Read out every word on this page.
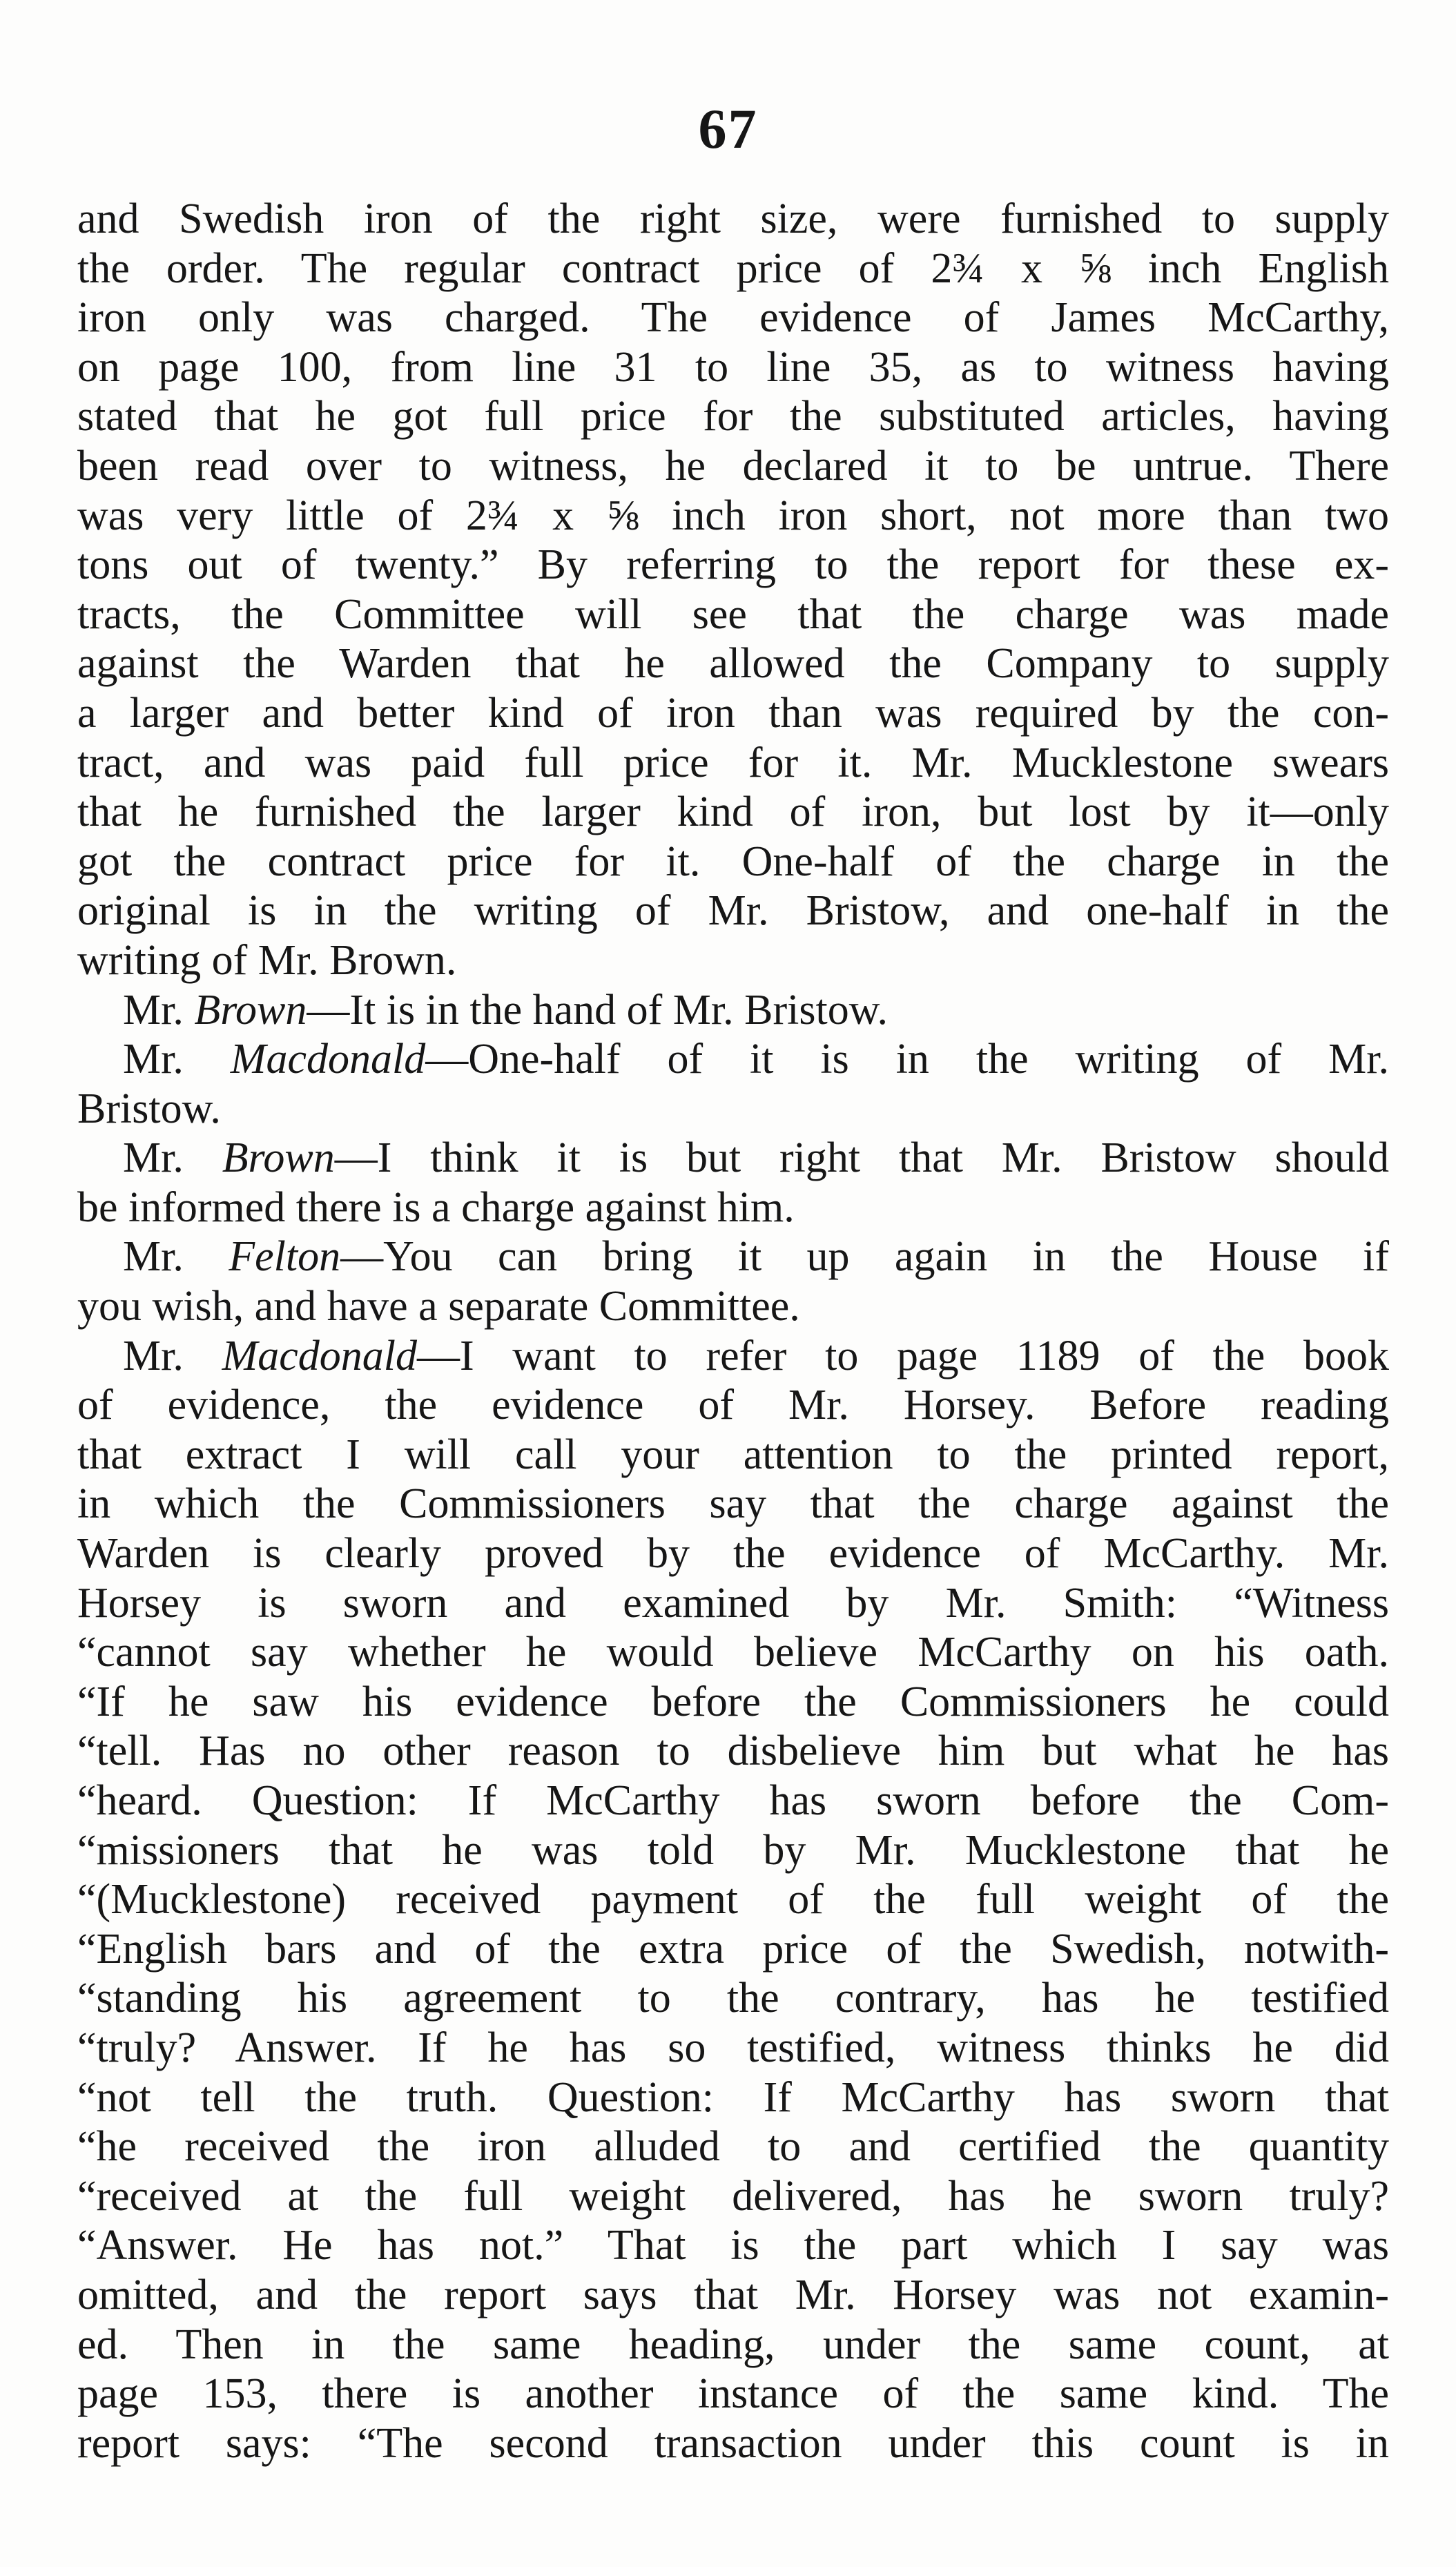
67
and Swedish iron of the right size, were furnished to supply
the order. The regular contract price of 2¾ x ⅝ inch English
iron only was charged. The evidence of James McCarthy,
on page 100, from line 31 to line 35, as to witness having
stated that he got full price for the substituted articles, having
been read over to witness, he declared it to be untrue. There
was very little of 2¾ x ⅝ inch iron short, not more than two
tons out of twenty.” By referring to the report for these ex-
tracts, the Committee will see that the charge was made
against the Warden that he allowed the Company to supply
a larger and better kind of iron than was required by the con-
tract, and was paid full price for it. Mr. Mucklestone swears
that he furnished the larger kind of iron, but lost by it—only
got the contract price for it. One-half of the charge in the
original is in the writing of Mr. Bristow, and one-half in the
writing of Mr. Brown.
Mr. Brown—It is in the hand of Mr. Bristow.
Mr. Macdonald—One-half of it is in the writing of Mr.
Bristow.
Mr. Brown—I think it is but right that Mr. Bristow should
be informed there is a charge against him.
Mr. Felton—You can bring it up again in the House if
you wish, and have a separate Committee.
Mr. Macdonald—I want to refer to page 1189 of the book
of evidence, the evidence of Mr. Horsey. Before reading
that extract I will call your attention to the printed report,
in which the Commissioners say that the charge against the
Warden is clearly proved by the evidence of McCarthy. Mr.
Horsey is sworn and examined by Mr. Smith: “Witness
“cannot say whether he would believe McCarthy on his oath.
“If he saw his evidence before the Commissioners he could
“tell. Has no other reason to disbelieve him but what he has
“heard. Question: If McCarthy has sworn before the Com-
“missioners that he was told by Mr. Mucklestone that he
“(Mucklestone) received payment of the full weight of the
“English bars and of the extra price of the Swedish, notwith-
“standing his agreement to the contrary, has he testified
“truly? Answer. If he has so testified, witness thinks he did
“not tell the truth. Question: If McCarthy has sworn that
“he received the iron alluded to and certified the quantity
“received at the full weight delivered, has he sworn truly?
“Answer. He has not.” That is the part which I say was
omitted, and the report says that Mr. Horsey was not examin-
ed. Then in the same heading, under the same count, at
page 153, there is another instance of the same kind. The
report says: “The second transaction under this count is in
